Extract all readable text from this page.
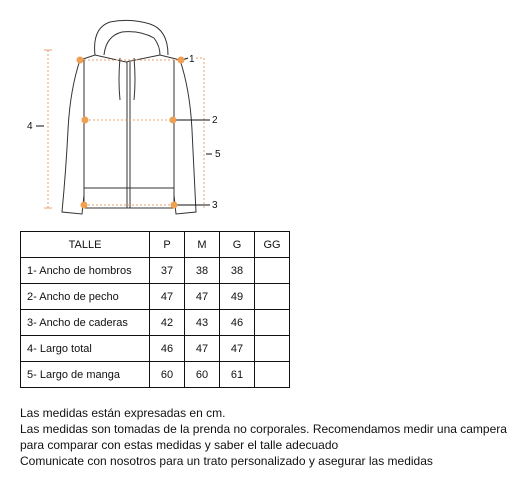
1
2
3
4
5
TALLE	P	M	G	GG
1- Ancho de hombros	37	38	38	
2- Ancho de pecho	47	47	49	
3- Ancho de caderas	42	43	46	
4- Largo total	46	47	47	
5- Largo de manga	60	60	61	

Las medidas están expresadas en cm.

Las medidas son tomadas de la prenda no corporales. Recomendamos medir una campera para comparar con estas medidas y saber el talle adecuado

Comunicate con nosotros para un trato personalizado y asegurar las medidas
